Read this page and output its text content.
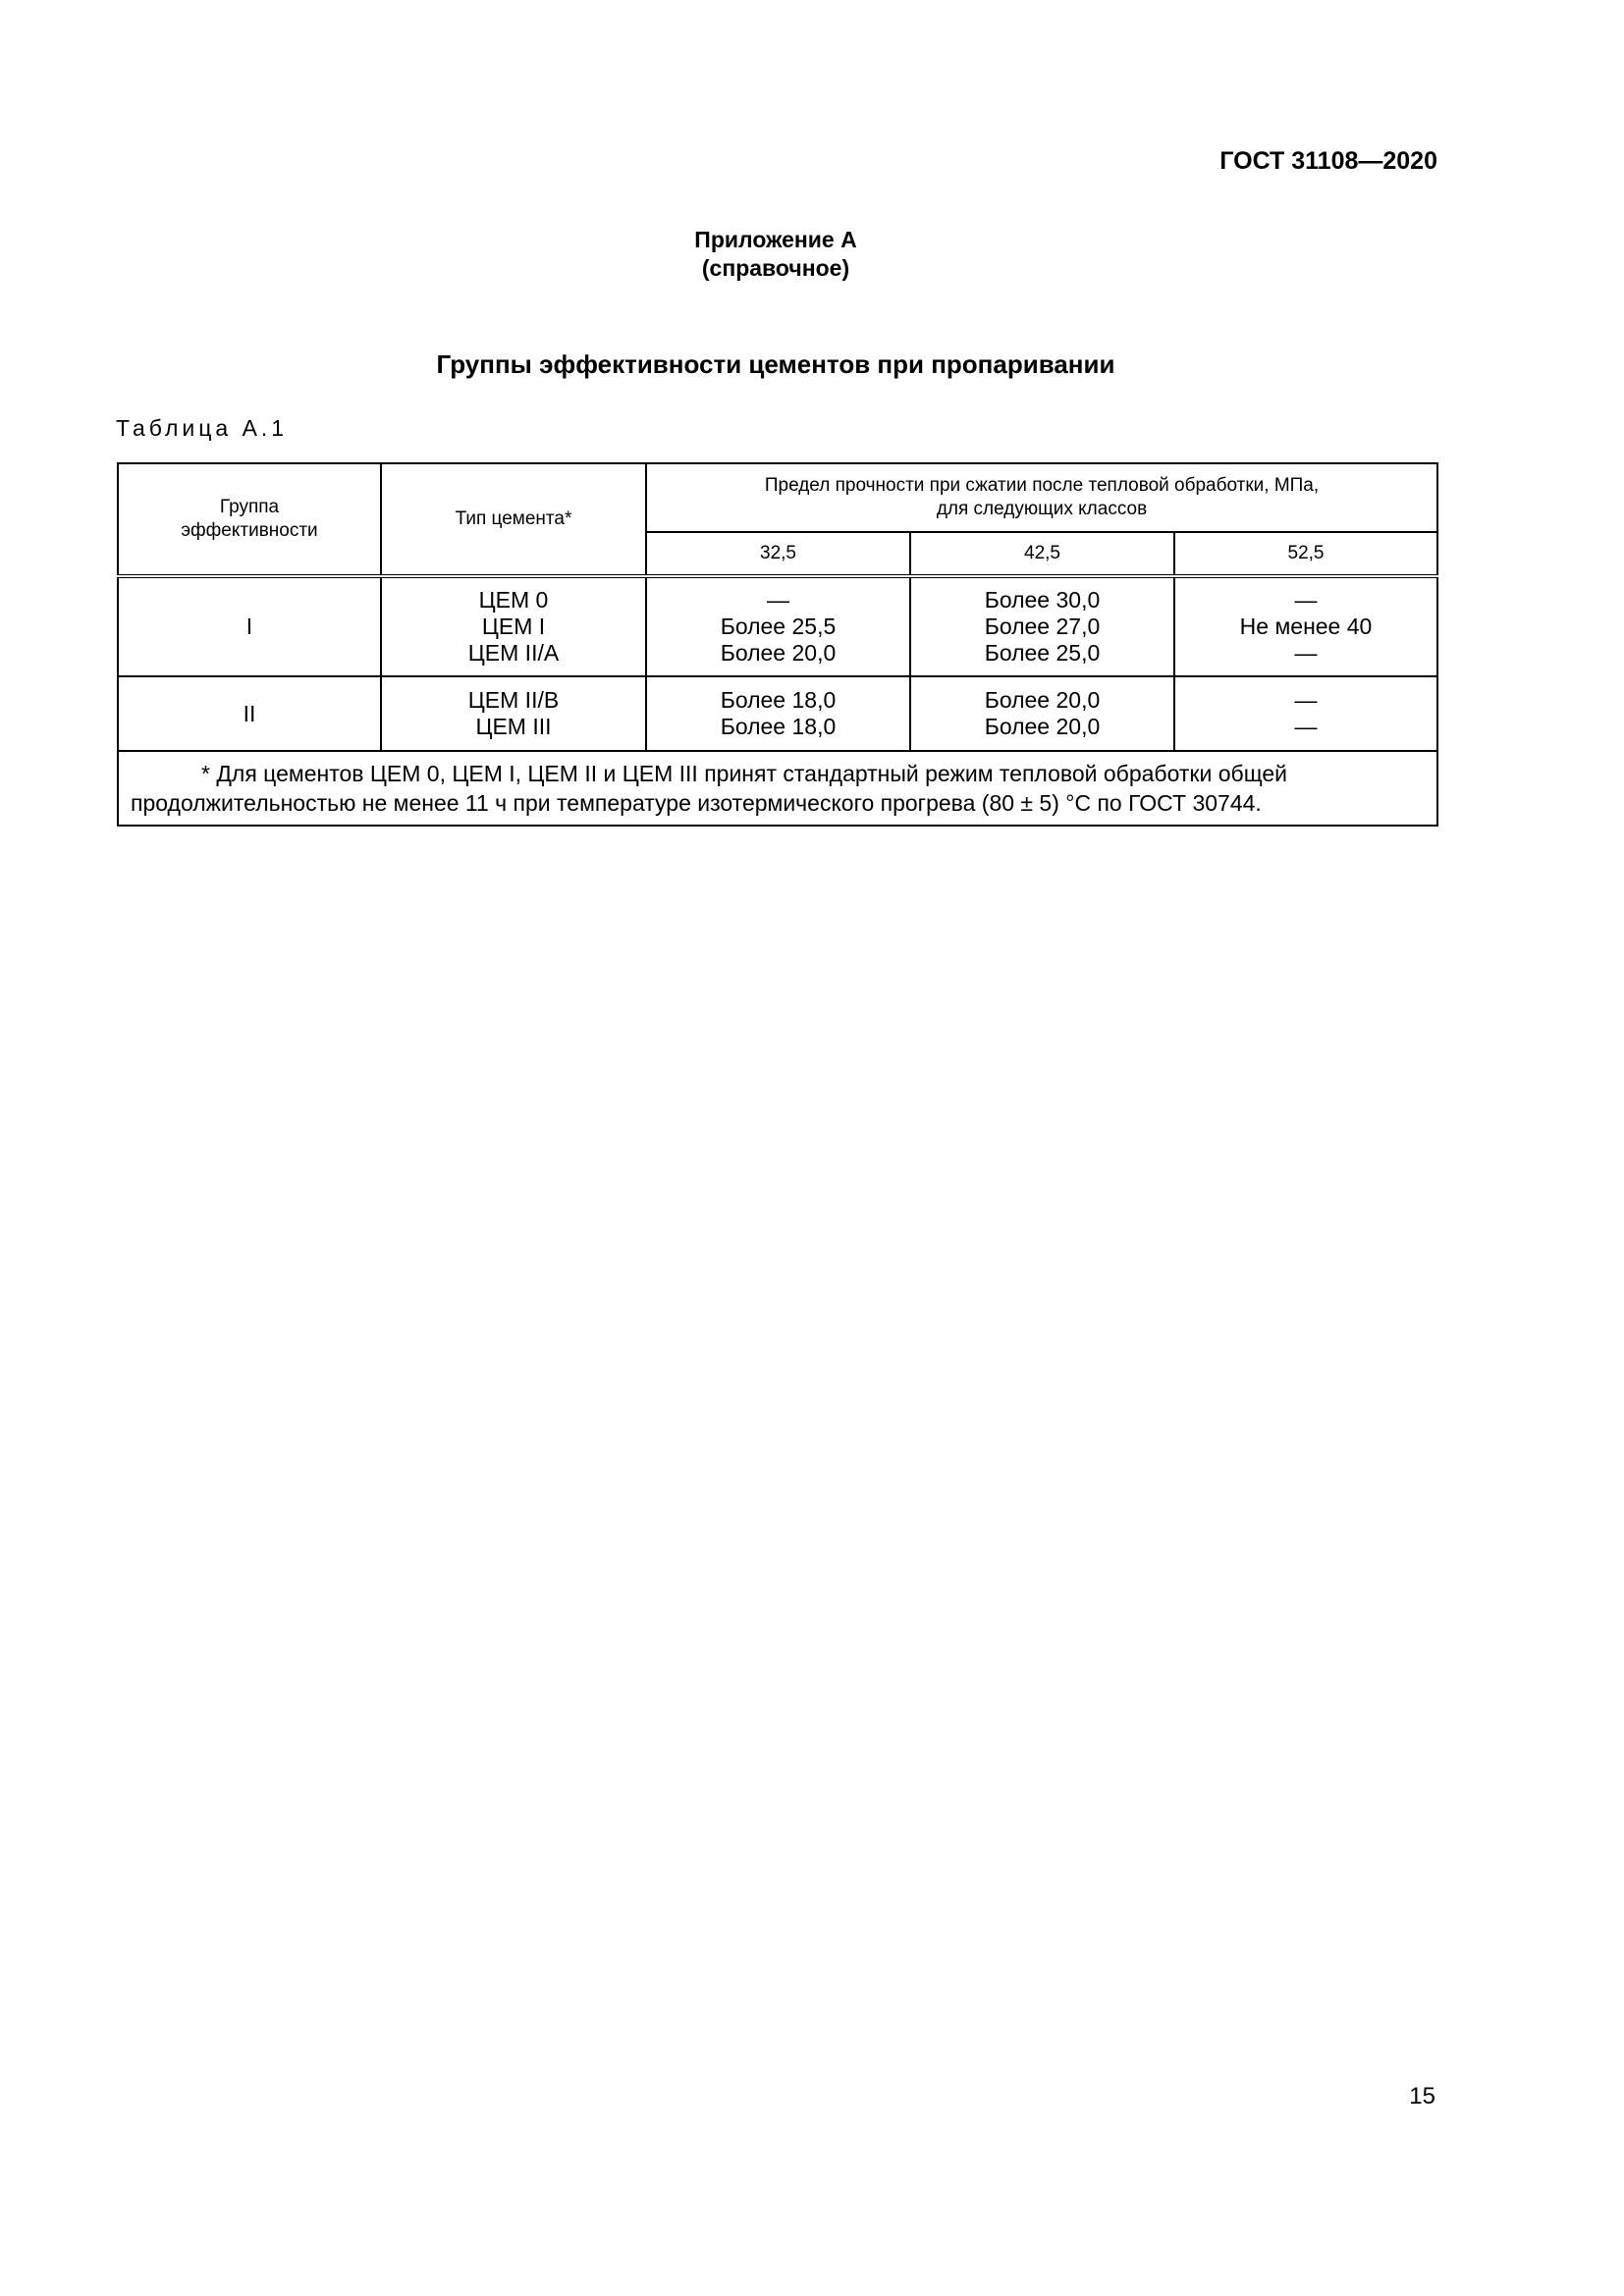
ГОСТ 31108—2020
Приложение А
(справочное)
Группы эффективности цементов при пропаривании
Таблица А.1
Группа
эффективности	Тип цемента*	Предел прочности при сжатии после тепловой обработки, МПа,
для следующих классов		

		32,5	42,5	52,5
I	ЦЕМ 0
ЦЕМ I
ЦЕМ II/А	—
Более 25,5
Более 20,0	Более 30,0
Более 27,0
Более 25,0	—
Не менее 40
—

II	ЦЕМ II/В
ЦЕМ III	Более 18,0
Более 18,0	Более 20,0
Более 20,0	—
—

* Для цементов ЦЕМ 0, ЦЕМ I, ЦЕМ II и ЦЕМ III принят стандартный режим тепловой обработки общей продолжительностью не менее 11 ч при температуре изотермического прогрева (80 ± 5) °С по ГОСТ 30744.				
15
